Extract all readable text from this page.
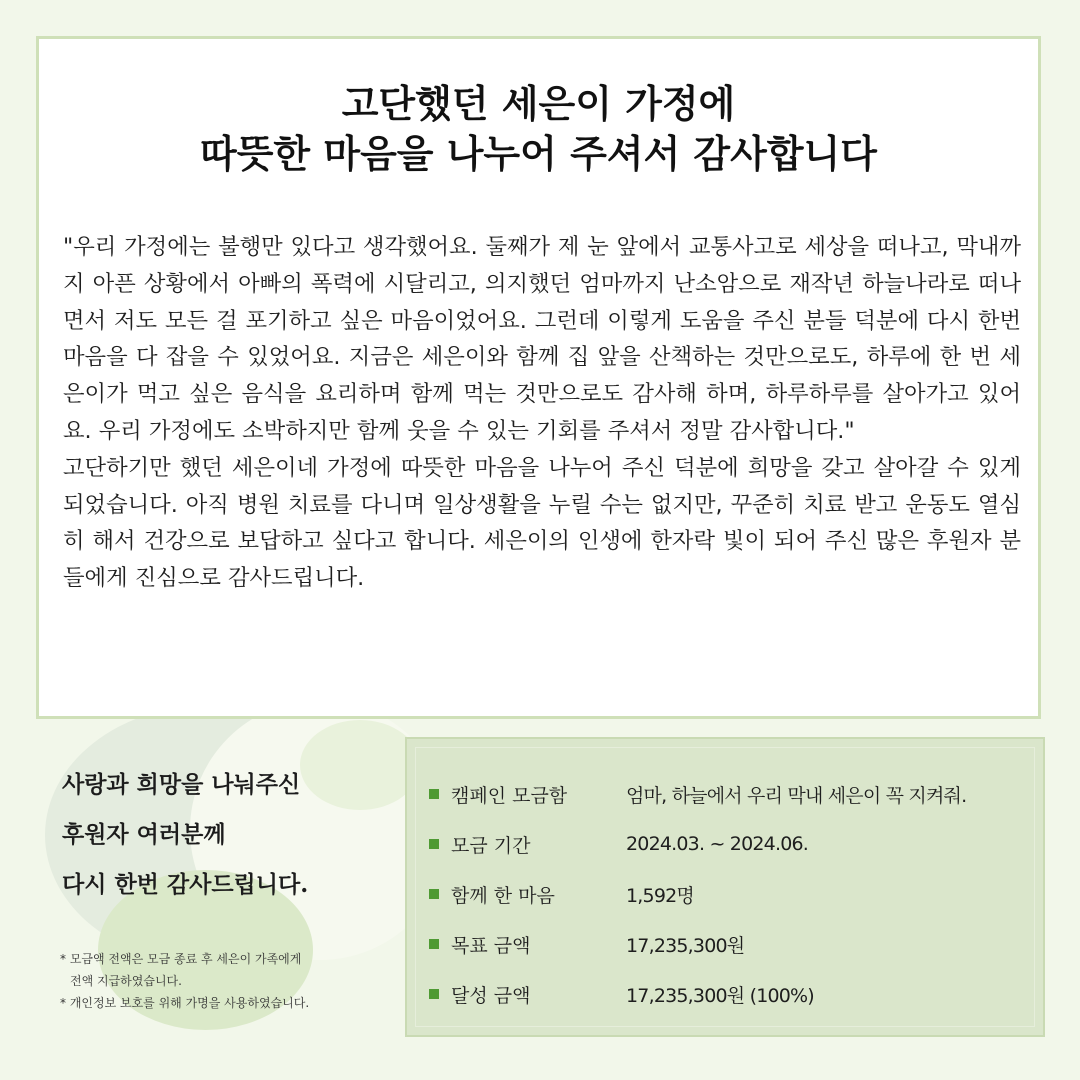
고단했던 세은이 가정에
따뜻한 마음을 나누어 주셔서 감사합니다

"우리 가정에는 불행만 있다고 생각했어요. 둘째가 제 눈 앞에서 교통사고로 세상을 떠나고, 막내까지 아픈 상황에서 아빠의 폭력에 시달리고, 의지했던 엄마까지 난소암으로 재작년 하늘나라로 떠나면서 저도 모든 걸 포기하고 싶은 마음이었어요. 그런데 이렇게 도움을 주신 분들 덕분에 다시 한번 마음을 다 잡을 수 있었어요. 지금은 세은이와 함께 집 앞을 산책하는 것만으로도, 하루에 한 번 세은이가 먹고 싶은 음식을 요리하며 함께 먹는 것만으로도 감사해 하며, 하루하루를 살아가고 있어요. 우리 가정에도 소박하지만 함께 웃을 수 있는 기회를 주셔서 정말 감사합니다."

고단하기만 했던 세은이네 가정에 따뜻한 마음을 나누어 주신 덕분에 희망을 갖고 살아갈 수 있게 되었습니다. 아직 병원 치료를 다니며 일상생활을 누릴 수는 없지만, 꾸준히 치료 받고 운동도 열심히 해서 건강으로 보답하고 싶다고 합니다. 세은이의 인생에 한자락 빛이 되어 주신 많은 후원자 분들에게 진심으로 감사드립니다.

사랑과 희망을 나눠주신
후원자 여러분께
다시 한번 감사드립니다.
* 모금액 전액은 모금 종료 후 세은이 가족에게
전액 지급하였습니다.
* 개인정보 보호를 위해 가명을 사용하였습니다.
캠페인 모금함	엄마, 하늘에서 우리 막내 세은이 꼭 지켜줘.
모금 기간	2024.03. ~ 2024.06.
함께 한 마음	1,592명
목표 금액	17,235,300원
달성 금액	17,235,300원 (100%)
